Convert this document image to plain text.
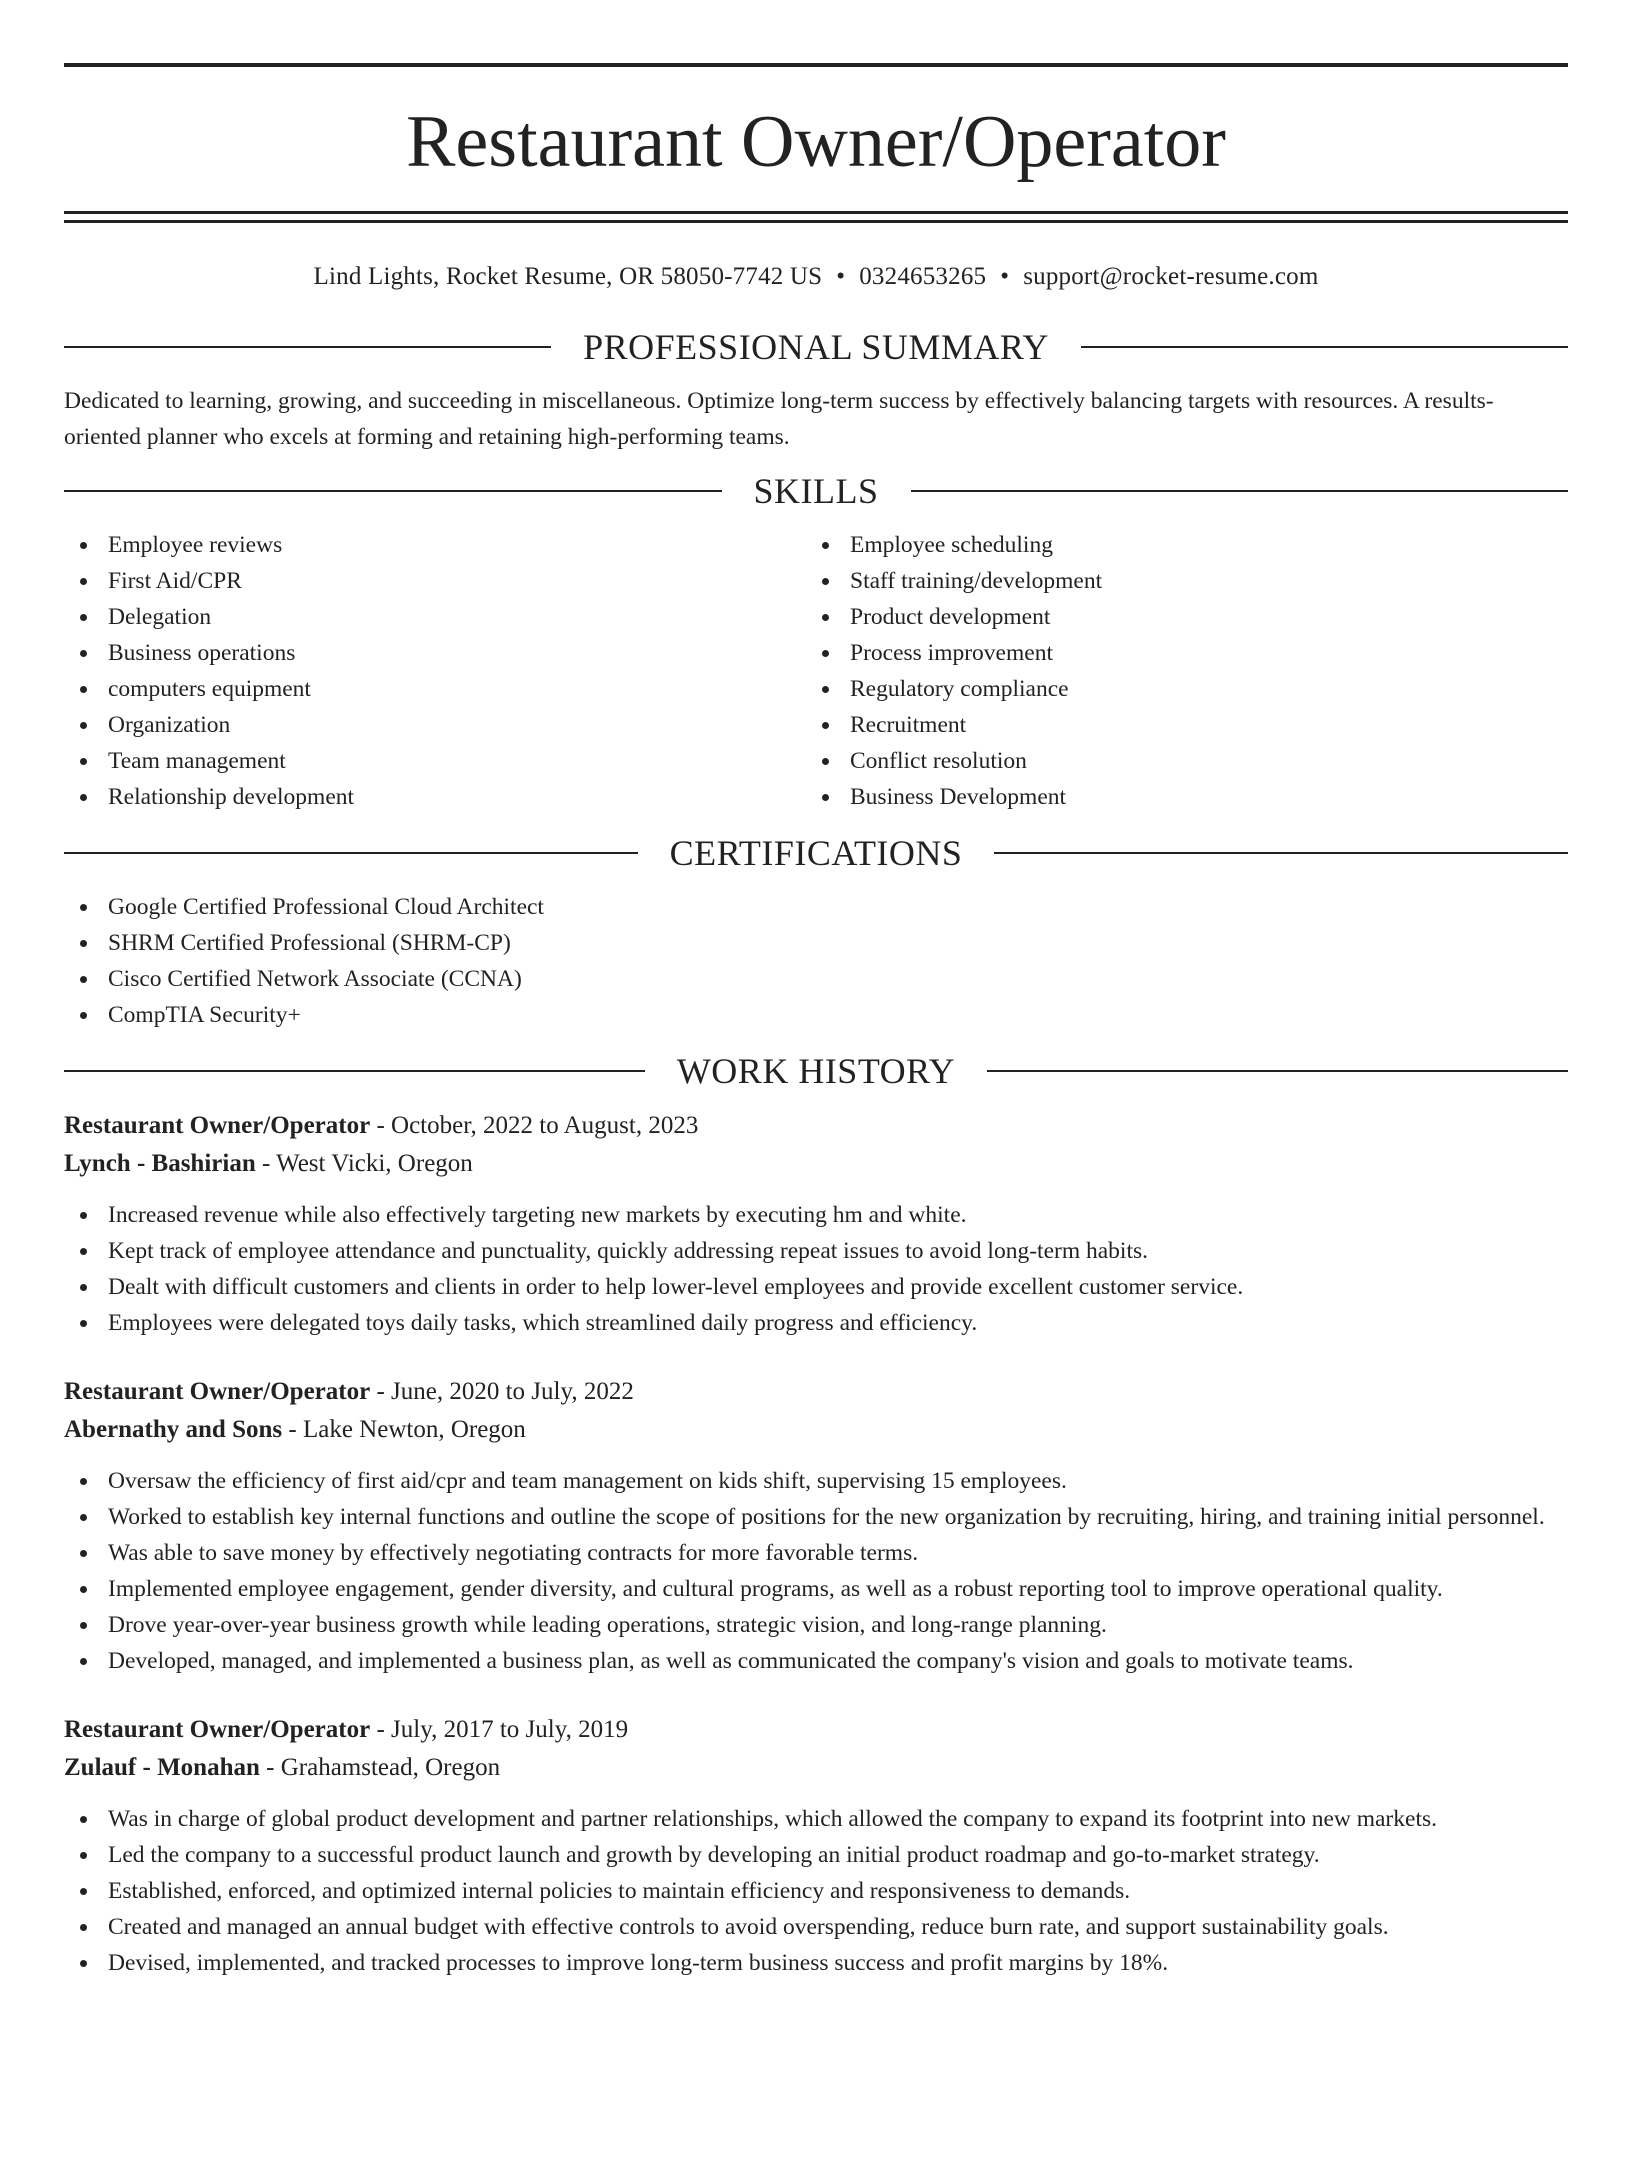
Restaurant Owner/Operator
Lind Lights, Rocket Resume, OR 58050-7742 US • 0324653265 • support@rocket-resume.com
PROFESSIONAL SUMMARY
Dedicated to learning, growing, and succeeding in miscellaneous. Optimize long-term success by effectively balancing targets with resources. A results-oriented planner who excels at forming and retaining high-performing teams.
SKILLS
Employee reviews
First Aid/CPR
Delegation
Business operations
computers equipment
Organization
Team management
Relationship development
Employee scheduling
Staff training/development
Product development
Process improvement
Regulatory compliance
Recruitment
Conflict resolution
Business Development
CERTIFICATIONS
Google Certified Professional Cloud Architect
SHRM Certified Professional (SHRM-CP)
Cisco Certified Network Associate (CCNA)
CompTIA Security+
WORK HISTORY
Restaurant Owner/Operator - October, 2022 to August, 2023
Lynch - Bashirian - West Vicki, Oregon
Increased revenue while also effectively targeting new markets by executing hm and white.
Kept track of employee attendance and punctuality, quickly addressing repeat issues to avoid long-term habits.
Dealt with difficult customers and clients in order to help lower-level employees and provide excellent customer service.
Employees were delegated toys daily tasks, which streamlined daily progress and efficiency.
Restaurant Owner/Operator - June, 2020 to July, 2022
Abernathy and Sons - Lake Newton, Oregon
Oversaw the efficiency of first aid/cpr and team management on kids shift, supervising 15 employees.
Worked to establish key internal functions and outline the scope of positions for the new organization by recruiting, hiring, and training initial personnel.
Was able to save money by effectively negotiating contracts for more favorable terms.
Implemented employee engagement, gender diversity, and cultural programs, as well as a robust reporting tool to improve operational quality.
Drove year-over-year business growth while leading operations, strategic vision, and long-range planning.
Developed, managed, and implemented a business plan, as well as communicated the company's vision and goals to motivate teams.
Restaurant Owner/Operator - July, 2017 to July, 2019
Zulauf - Monahan - Grahamstead, Oregon
Was in charge of global product development and partner relationships, which allowed the company to expand its footprint into new markets.
Led the company to a successful product launch and growth by developing an initial product roadmap and go-to-market strategy.
Established, enforced, and optimized internal policies to maintain efficiency and responsiveness to demands.
Created and managed an annual budget with effective controls to avoid overspending, reduce burn rate, and support sustainability goals.
Devised, implemented, and tracked processes to improve long-term business success and profit margins by 18%.
